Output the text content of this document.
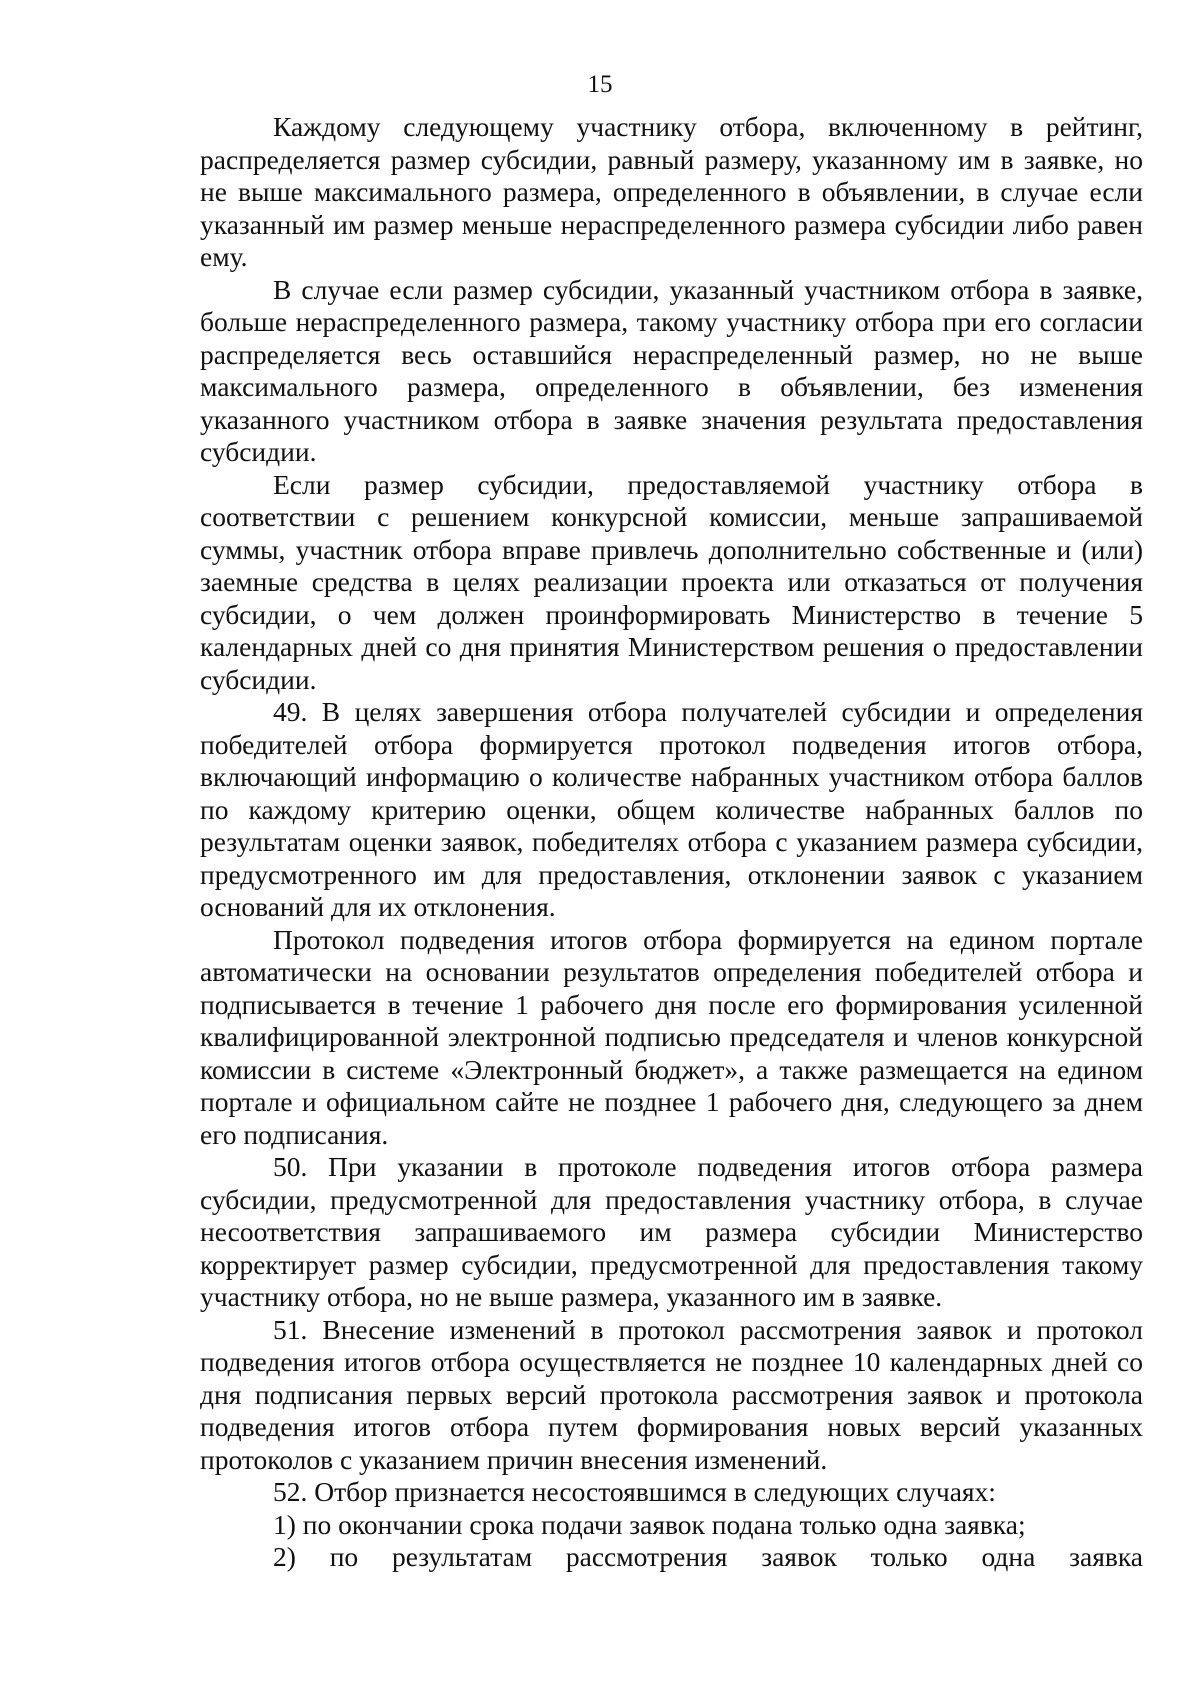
15

Каждому следующему участнику отбора, включенному в рейтинг, распределяется размер субсидии, равный размеру, указанному им в заявке, но не выше максимального размера, определенного в объявлении, в случае если указанный им размер меньше нераспределенного размера субсидии либо равен ему.

В случае если размер субсидии, указанный участником отбора в заявке, больше нераспределенного размера, такому участнику отбора при его согласии распределяется весь оставшийся нераспределенный размер, но не выше максимального размера, определенного в объявлении, без изменения указанного участником отбора в заявке значения результата предоставления субсидии.

Если размер субсидии, предоставляемой участнику отбора в соответствии с решением конкурсной комиссии, меньше запрашиваемой суммы, участник отбора вправе привлечь дополнительно собственные и (или) заемные средства в целях реализации проекта или отказаться от получения субсидии, о чем должен проинформировать Министерство в течение 5 календарных дней со дня принятия Министерством решения о предоставлении субсидии.

49. В целях завершения отбора получателей субсидии и определения победителей отбора формируется протокол подведения итогов отбора, включающий информацию о количестве набранных участником отбора баллов по каждому критерию оценки, общем количестве набранных баллов по результатам оценки заявок, победителях отбора с указанием размера субсидии, предусмотренного им для предоставления, отклонении заявок с указанием оснований для их отклонения.

Протокол подведения итогов отбора формируется на едином портале автоматически на основании результатов определения победителей отбора и подписывается в течение 1 рабочего дня после его формирования усиленной квалифицированной электронной подписью председателя и членов конкурсной комиссии в системе «Электронный бюджет», а также размещается на едином портале и официальном сайте не позднее 1 рабочего дня, следующего за днем его подписания.

50. При указании в протоколе подведения итогов отбора размера субсидии, предусмотренной для предоставления участнику отбора, в случае несоответствия запрашиваемого им размера субсидии Министерство корректирует размер субсидии, предусмотренной для предоставления такому участнику отбора, но не выше размера, указанного им в заявке.

51. Внесение изменений в протокол рассмотрения заявок и протокол подведения итогов отбора осуществляется не позднее 10 календарных дней со дня подписания первых версий протокола рассмотрения заявок и протокола подведения итогов отбора путем формирования новых версий указанных протоколов с указанием причин внесения изменений.

52. Отбор признается несостоявшимся в следующих случаях:

1) по окончании срока подачи заявок подана только одна заявка;

2) по результатам рассмотрения заявок только одна заявка
